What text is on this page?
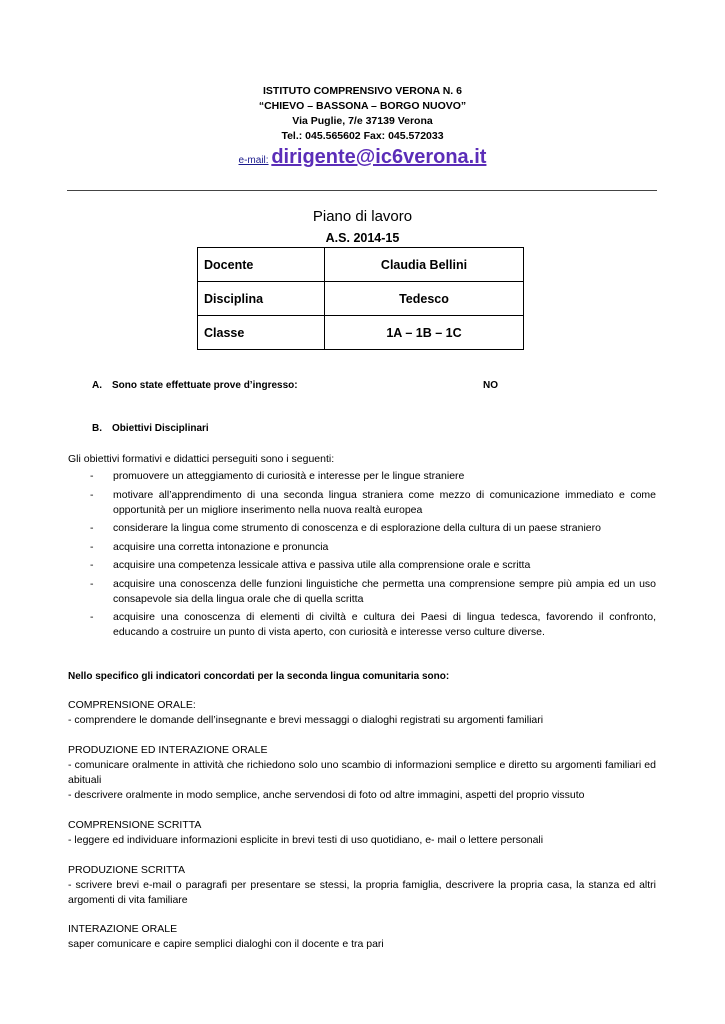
ISTITUTO COMPRENSIVO VERONA N. 6
“CHIEVO – BASSONA – BORGO NUOVO”
Via Puglie, 7/e 37139 Verona
Tel.: 045.565602 Fax: 045.572033
e-mail: dirigente@ic6verona.it
Piano di lavoro
A.S. 2014-15
Docente	Claudia Bellini
Disciplina	Tedesco
Classe	1A – 1B – 1C
A. Sono state effettuate prove d’ingresso:	NO
B. Obiettivi Disciplinari
Gli obiettivi formativi e didattici perseguiti sono i seguenti:
- promuovere un atteggiamento di curiosità e interesse per le lingue straniere
- motivare all’apprendimento di una seconda lingua straniera come mezzo di comunicazione immediato e come opportunità per un migliore inserimento nella nuova realtà europea
- considerare la lingua come strumento di conoscenza e di esplorazione della cultura di un paese straniero
- acquisire una corretta intonazione e pronuncia
- acquisire una competenza lessicale attiva e passiva utile alla comprensione orale e scritta
- acquisire una conoscenza delle funzioni linguistiche che permetta una comprensione sempre più ampia ed un uso consapevole sia della lingua orale che di quella scritta
- acquisire una conoscenza di elementi di civiltà e cultura dei Paesi di lingua tedesca, favorendo il confronto, educando a costruire un punto di vista aperto, con curiosità e interesse verso culture diverse.
Nello specifico gli indicatori concordati per la seconda lingua comunitaria sono:

COMPRENSIONE ORALE:

- comprendere le domande dell’insegnante e brevi messaggi o dialoghi registrati su argomenti familiari

PRODUZIONE ED INTERAZIONE ORALE

- comunicare oralmente in attività che richiedono solo uno scambio di informazioni semplice e diretto su argomenti familiari ed abituali

- descrivere oralmente in modo semplice, anche servendosi di foto od altre immagini, aspetti del proprio vissuto

COMPRENSIONE SCRITTA

- leggere ed individuare informazioni esplicite in brevi testi di uso quotidiano, e- mail o lettere personali

PRODUZIONE SCRITTA

- scrivere brevi e-mail o paragrafi per presentare se stessi, la propria famiglia, descrivere la propria casa, la stanza ed altri argomenti di vita familiare

INTERAZIONE ORALE

saper comunicare e capire semplici dialoghi con il docente e tra pari
